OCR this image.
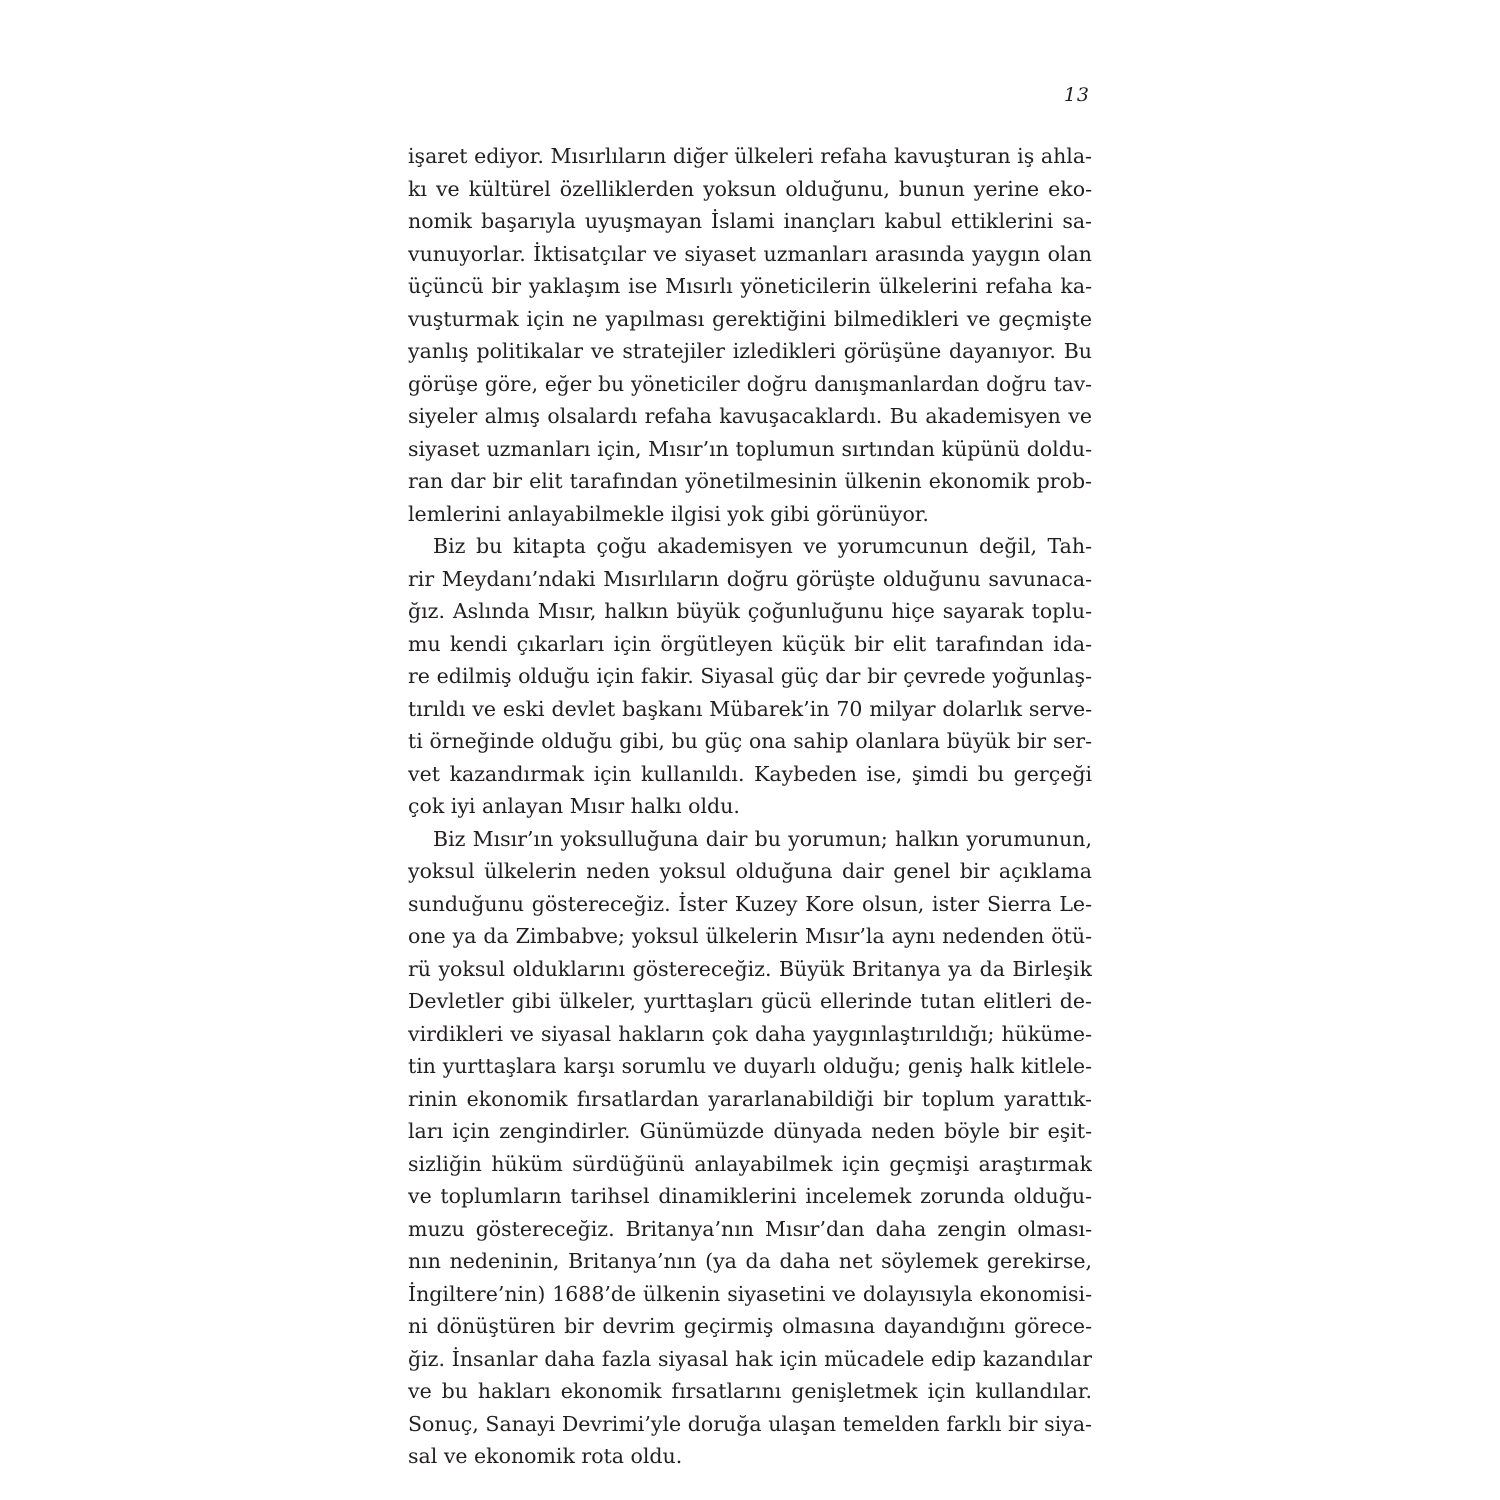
13
işaret ediyor. Mısırlıların diğer ülkeleri refaha kavuşturan iş ahla-
kı ve kültürel özelliklerden yoksun olduğunu, bunun yerine eko-
nomik başarıyla uyuşmayan İslami inançları kabul ettiklerini sa-
vunuyorlar. İktisatçılar ve siyaset uzmanları arasında yaygın olan
üçüncü bir yaklaşım ise Mısırlı yöneticilerin ülkelerini refaha ka-
vuşturmak için ne yapılması gerektiğini bilmedikleri ve geçmişte
yanlış politikalar ve stratejiler izledikleri görüşüne dayanıyor. Bu
görüşe göre, eğer bu yöneticiler doğru danışmanlardan doğru tav-
siyeler almış olsalardı refaha kavuşacaklardı. Bu akademisyen ve
siyaset uzmanları için, Mısır’ın toplumun sırtından küpünü doldu-
ran dar bir elit tarafından yönetilmesinin ülkenin ekonomik prob-
lemlerini anlayabilmekle ilgisi yok gibi görünüyor.
Biz bu kitapta çoğu akademisyen ve yorumcunun değil, Tah-
rir Meydanı’ndaki Mısırlıların doğru görüşte olduğunu savunaca-
ğız. Aslında Mısır, halkın büyük çoğunluğunu hiçe sayarak toplu-
mu kendi çıkarları için örgütleyen küçük bir elit tarafından ida-
re edilmiş olduğu için fakir. Siyasal güç dar bir çevrede yoğunlaş-
tırıldı ve eski devlet başkanı Mübarek’in 70 milyar dolarlık serve-
ti örneğinde olduğu gibi, bu güç ona sahip olanlara büyük bir ser-
vet kazandırmak için kullanıldı. Kaybeden ise, şimdi bu gerçeği
çok iyi anlayan Mısır halkı oldu.
Biz Mısır’ın yoksulluğuna dair bu yorumun; halkın yorumunun,
yoksul ülkelerin neden yoksul olduğuna dair genel bir açıklama
sunduğunu göstereceğiz. İster Kuzey Kore olsun, ister Sierra Le-
one ya da Zimbabve; yoksul ülkelerin Mısır’la aynı nedenden ötü-
rü yoksul olduklarını göstereceğiz. Büyük Britanya ya da Birleşik
Devletler gibi ülkeler, yurttaşları gücü ellerinde tutan elitleri de-
virdikleri ve siyasal hakların çok daha yaygınlaştırıldığı; hüküme-
tin yurttaşlara karşı sorumlu ve duyarlı olduğu; geniş halk kitlele-
rinin ekonomik fırsatlardan yararlanabildiği bir toplum yarattık-
ları için zengindirler. Günümüzde dünyada neden böyle bir eşit-
sizliğin hüküm sürdüğünü anlayabilmek için geçmişi araştırmak
ve toplumların tarihsel dinamiklerini incelemek zorunda olduğu-
muzu göstereceğiz. Britanya’nın Mısır’dan daha zengin olması-
nın nedeninin, Britanya’nın (ya da daha net söylemek gerekirse,
İngiltere’nin) 1688’de ülkenin siyasetini ve dolayısıyla ekonomisi-
ni dönüştüren bir devrim geçirmiş olmasına dayandığını görece-
ğiz. İnsanlar daha fazla siyasal hak için mücadele edip kazandılar
ve bu hakları ekonomik fırsatlarını genişletmek için kullandılar.
Sonuç, Sanayi Devrimi’yle doruğa ulaşan temelden farklı bir siya-
sal ve ekonomik rota oldu.
